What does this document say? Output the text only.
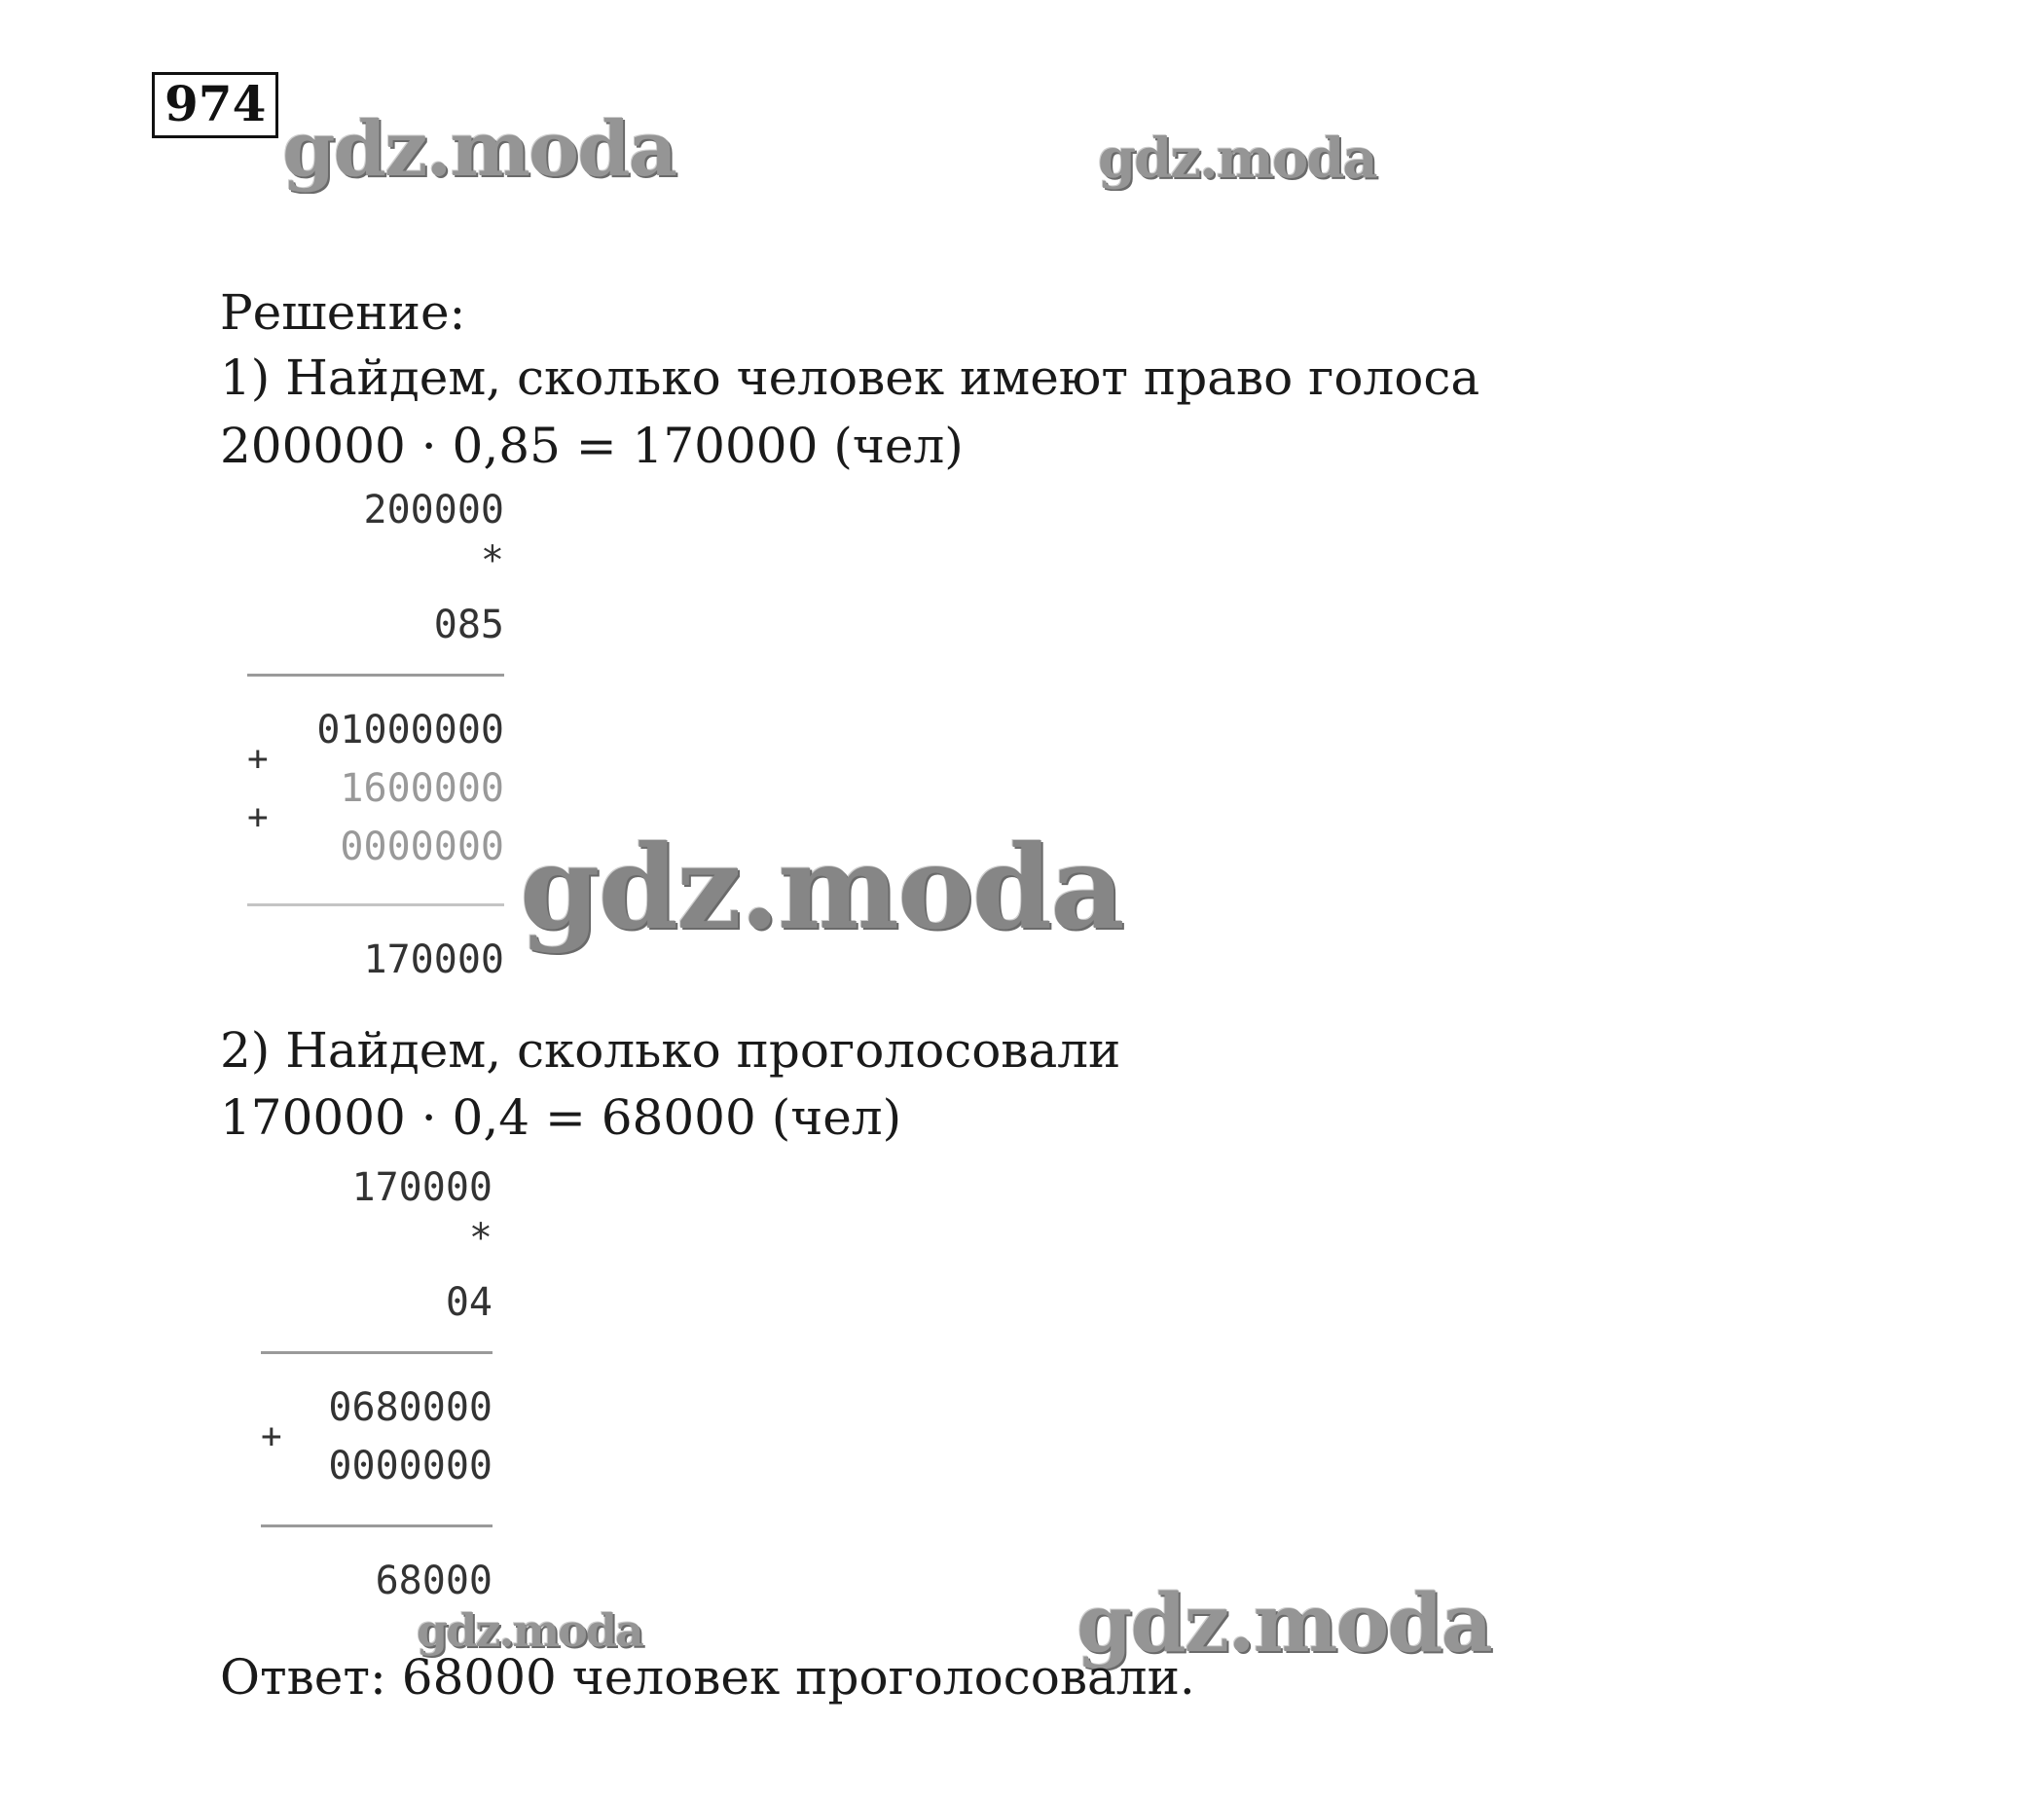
974
gdz.moda	gdz.moda
Решение:
1) Найдем, сколько человек имеют право голоса
200000 · 0,85 = 170000 (чел)
200000
*
085
01000000
+
1600000
+
0000000
170000
gdz.moda
2) Найдем, сколько проголосовали
170000 · 0,4 = 68000 (чел)
170000
*
04
0680000
+
0000000
68000
gdz.moda	gdz.moda
Ответ: 68000 человек проголосовали.
